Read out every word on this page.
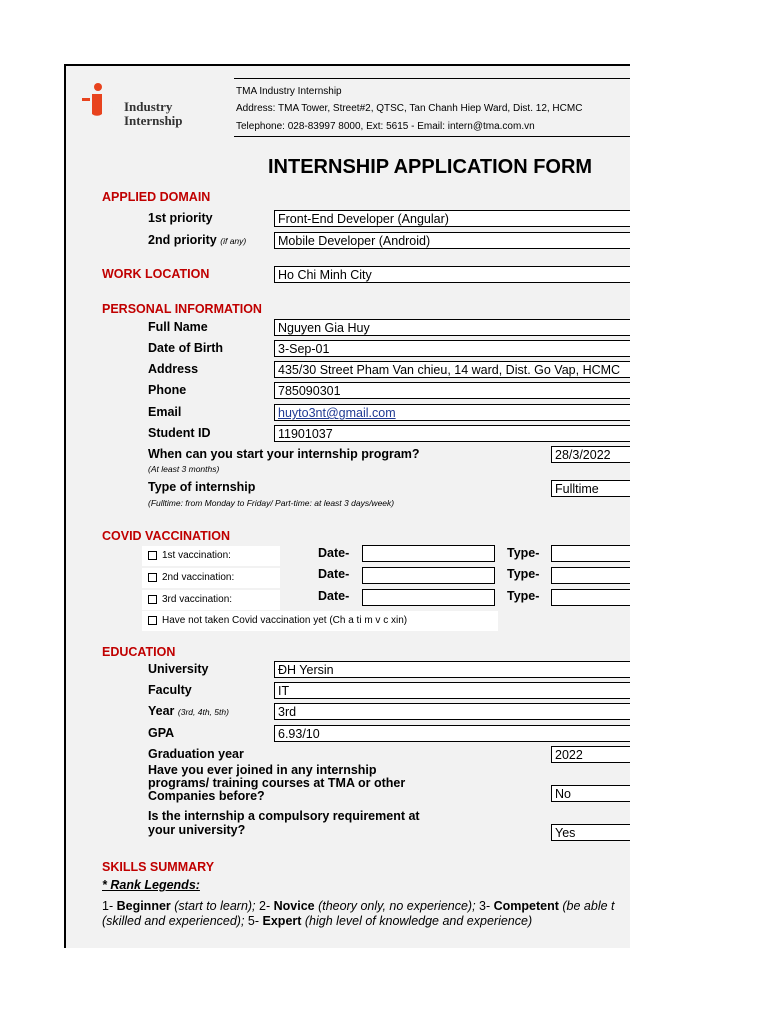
Industry
Internship
TMA Industry Internship
Address: TMA Tower, Street#2, QTSC, Tan Chanh Hiep Ward, Dist. 12, HCMC
Telephone: 028-83997 8000, Ext: 5615 - Email: intern@tma.com.vn
INTERNSHIP APPLICATION FORM
APPLIED DOMAIN
1st priority	Front-End Developer (Angular)
2nd priority (if any)	Mobile Developer (Android)
WORK LOCATION	Ho Chi Minh City
PERSONAL INFORMATION
Full Name	Nguyen Gia Huy
Date of Birth	3-Sep-01
Address	435/30 Street Pham Van chieu, 14 ward, Dist. Go Vap, HCMC
Phone	785090301
Email	huyto3nt@gmail.com
Student ID	11901037
When can you start your internship program?
(At least 3 months)
28/3/2022
Type of internship
(Fulltime: from Monday to Friday/ Part-time: at least 3 days/week)
Fulltime
COVID VACCINATION
1st vaccination:	Date-	Type-
2nd vaccination:	Date-	Type-
3rd vaccination:	Date-	Type-
Have not taken Covid vaccination yet (Ch a ti m v c xin)
EDUCATION
University	ĐH Yersin
Faculty	IT
Year (3rd, 4th, 5th)	3rd
GPA	6.93/10
Graduation year	2022
Have you ever joined in any internship
programs/ training courses at TMA or other
Companies before?	No
Is the internship a compulsory requirement at
your university?	Yes
SKILLS SUMMARY
* Rank Legends:
1- Beginner (start to learn); 2- Novice (theory only, no experience); 3- Competent (be able t
(skilled and experienced); 5- Expert (high level of knowledge and experience)
